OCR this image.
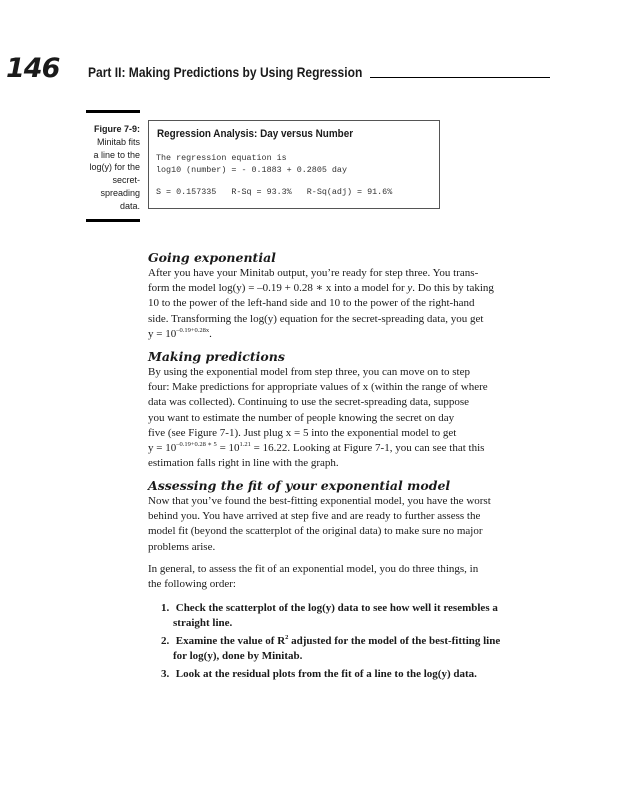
146 Part II: Making Predictions by Using Regression
Figure 7-9:
Minitab fits
a line to the
log(y) for the
secret-
spreading
data.
Regression Analysis: Day versus Number
The regression equation is
log10 (number) = - 0.1883 + 0.2805 day
S = 0.157335   R-Sq = 93.3%   R-Sq(adj) = 91.6%
Going exponential
After you have your Minitab output, you’re ready for step three. You trans-
form the model log(y) = –0.19 + 0.28 ∗ x into a model for y. Do this by taking
10 to the power of the left-hand side and 10 to the power of the right-hand
side. Transforming the log(y) equation for the secret-spreading data, you get
$y = 10^{-0.19+0.28x}$.
Making predictions
By using the exponential model from step three, you can move on to step
four: Make predictions for appropriate values of x (within the range of where
data was collected). Continuing to use the secret-spreading data, suppose
you want to estimate the number of people knowing the secret on day
five (see Figure 7-1). Just plug x = 5 into the exponential model to get
$y = 10^{-0.19+0.28 ∗ 5} = 10^{1.21} = 16.22$. Looking at Figure 7-1, you can see that this
estimation falls right in line with the graph.
Assessing the fit of your exponential model
Now that you’ve found the best-fitting exponential model, you have the worst
behind you. You have arrived at step five and are ready to further assess the
model fit (beyond the scatterplot of the original data) to make sure no major
problems arise.
In general, to assess the fit of an exponential model, you do three things, in
the following order:
1. Check the scatterplot of the log(y) data to see how well it resembles a
straight line.
2. Examine the value of $R^2$ adjusted for the model of the best-fitting line
for log(y), done by Minitab.
3. Look at the residual plots from the fit of a line to the log(y) data.
